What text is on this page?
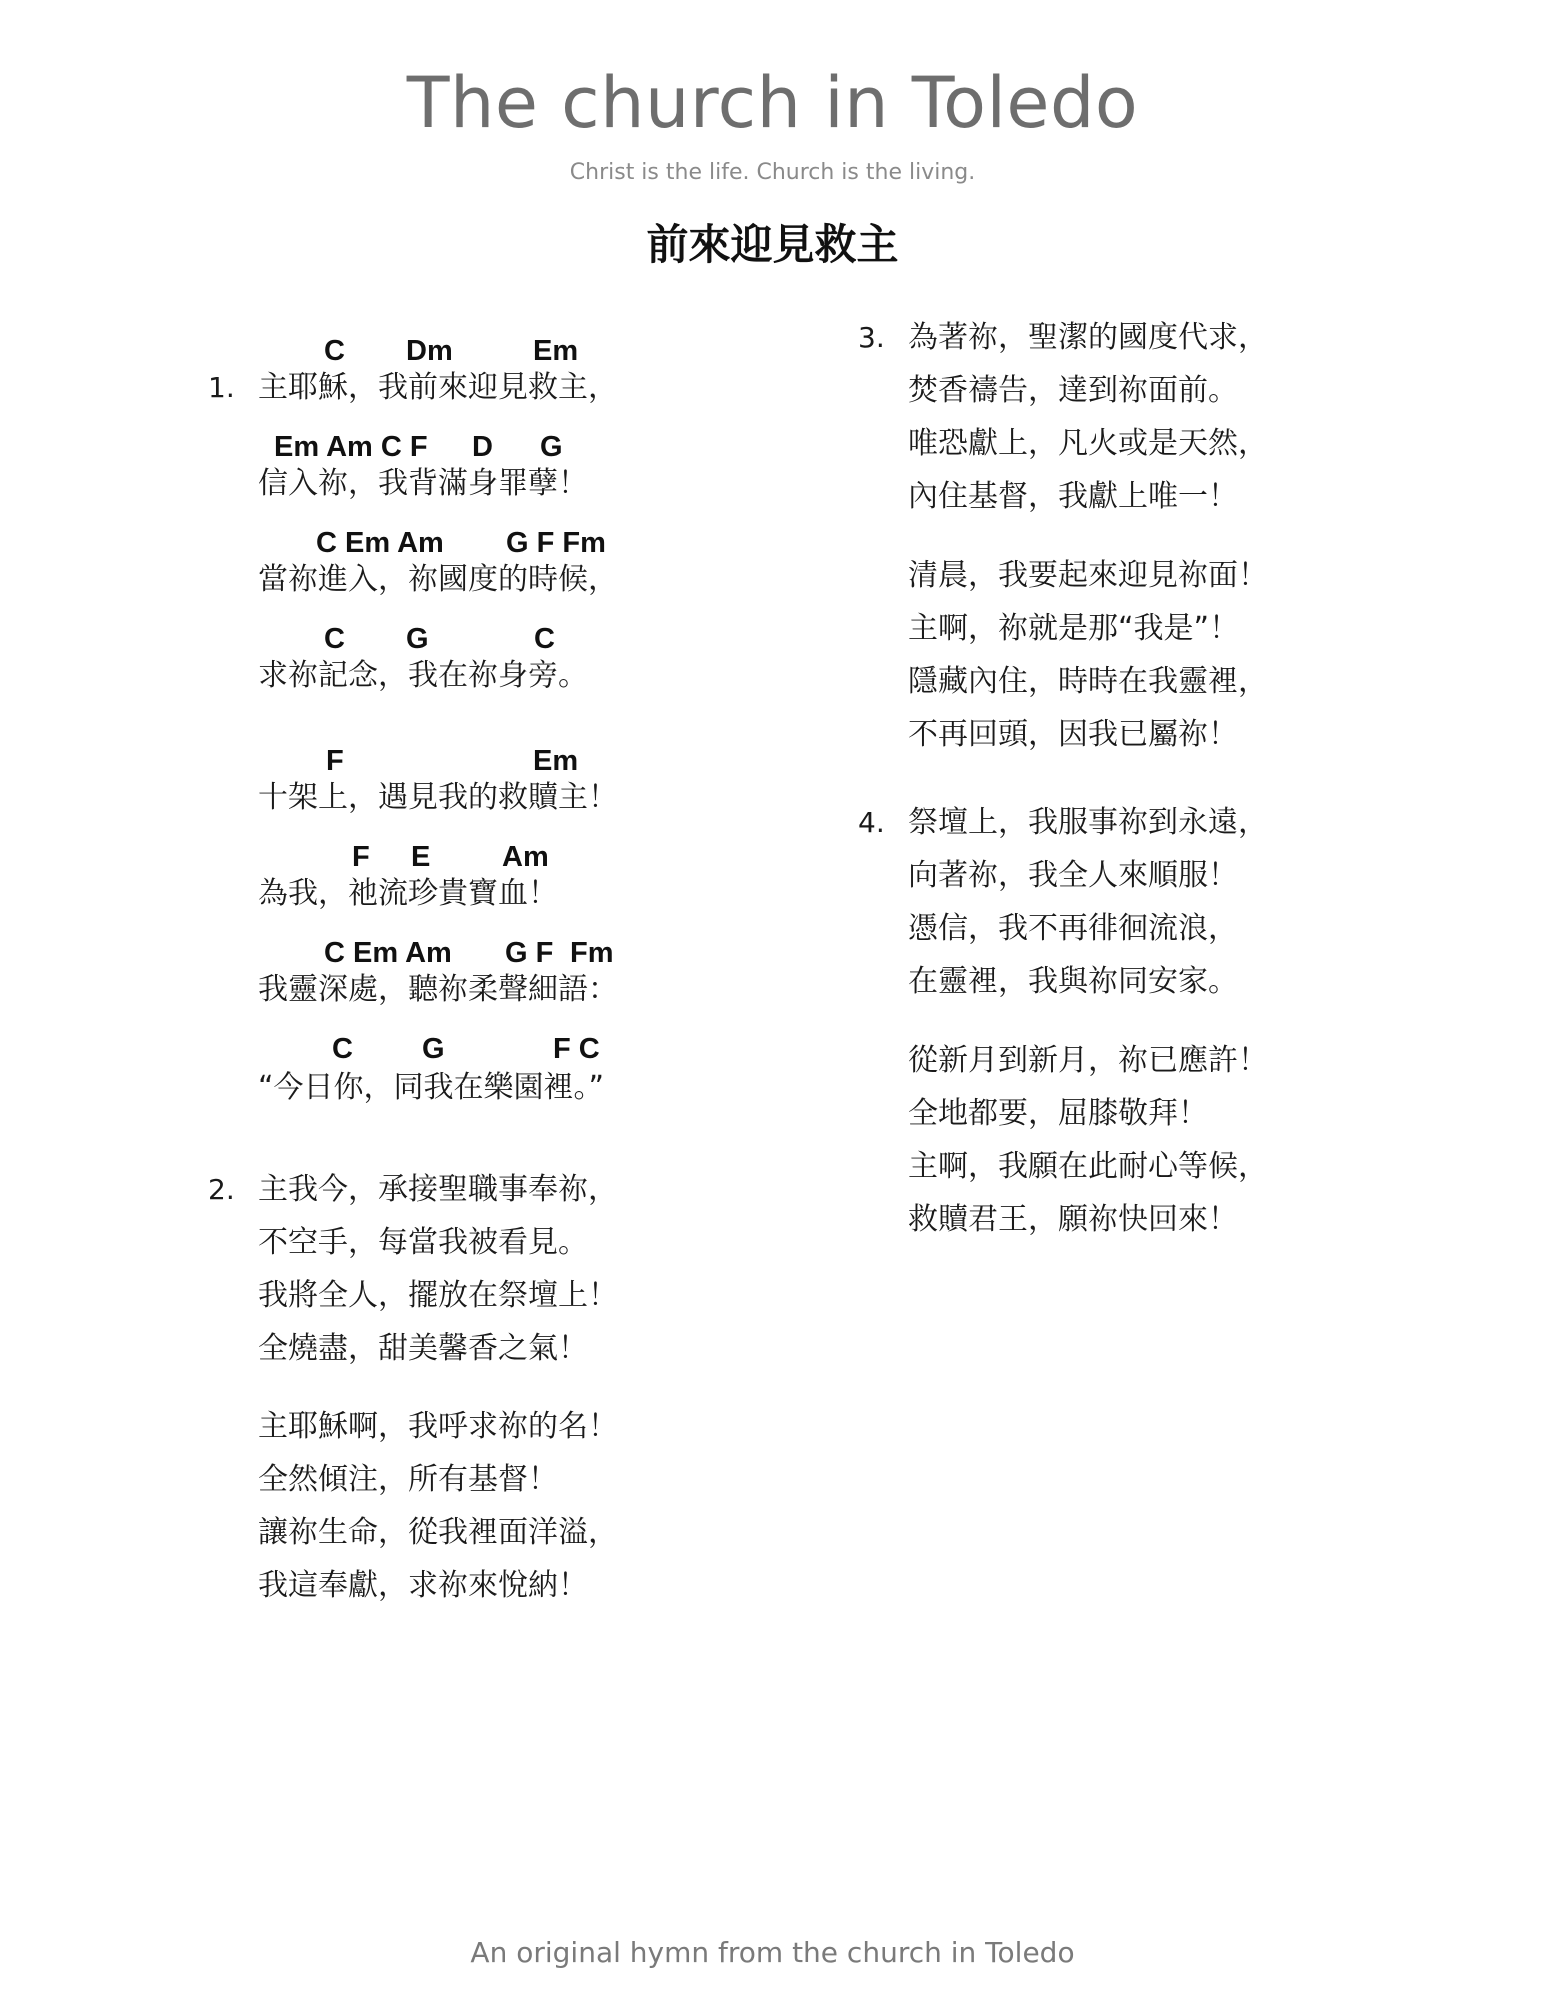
The church in Toledo
Christ is the life. Church is the living.
前來迎見救主
1.
C Dm	Em
主耶穌，我前來迎見救主，
Em Am C F D G
信入祢，我背滿身罪孽！
C Em Am G F Fm
當祢進入，祢國度的時候，
C G	C
求祢記念，我在祢身旁。
F	Em
十架上，遇見我的救贖主！
F E Am
為我，祂流珍貴寶血！
C Em Am G F Fm
我靈深處，聽祢柔聲細語：
C G	F C
“今日你，同我在樂園裡。”
2. 主我今，承接聖職事奉祢，
不空手，每當我被看見。
我將全人，擺放在祭壇上！
全燒盡，甜美馨香之氣！
主耶穌啊，我呼求祢的名！
全然傾注，所有基督！
讓祢生命，從我裡面洋溢，
我這奉獻，求祢來悅納！
3. 為著祢，聖潔的國度代求，
焚香禱告，達到祢面前。
唯恐獻上，凡火或是天然，
內住基督，我獻上唯一！
清晨，我要起來迎見祢面！
主啊，祢就是那“我是”！
隱藏內住，時時在我靈裡，
不再回頭，因我已屬祢！
4. 祭壇上，我服事祢到永遠，
向著祢，我全人來順服！
憑信，我不再徘徊流浪，
在靈裡，我與祢同安家。
從新月到新月，祢已應許！
全地都要，屈膝敬拜！
主啊，我願在此耐心等候，
救贖君王，願祢快回來！
An original hymn from the church in Toledo
